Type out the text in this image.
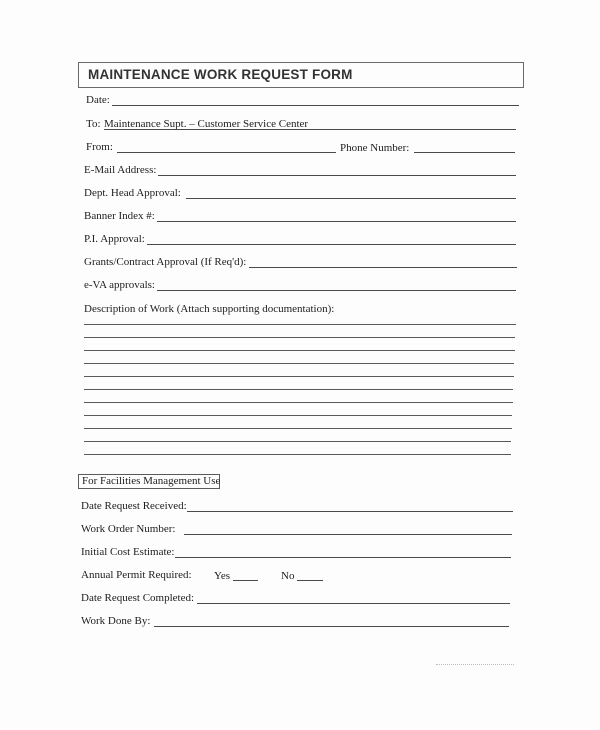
MAINTENANCE WORK REQUEST FORM
Date:
To: Maintenance Supt. – Customer Service Center
From:	Phone Number:
E-Mail Address:
Dept. Head Approval:
Banner Index #:
P.I. Approval:
Grants/Contract Approval (If Req'd):
e-VA approvals:
Description of Work (Attach supporting documentation):
For Facilities Management Use
Date Request Received:
Work Order Number:
Initial Cost Estimate:
Annual Permit Required: Yes	No
Date Request Completed:
Work Done By:
